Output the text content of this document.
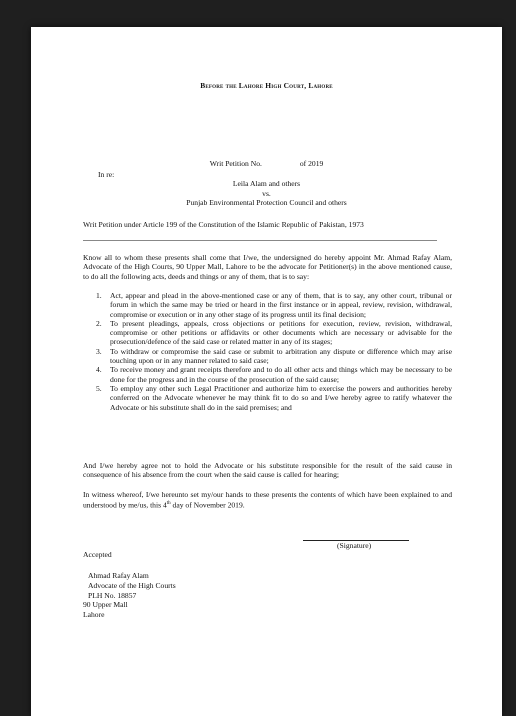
Before the Lahore High Court, Lahore
Writ Petition No.                    of 2019
In re:
Leila Alam and others
vs.
Punjab Environmental Protection Council and others
Writ Petition under Article 199 of the Constitution of the Islamic Republic of Pakistan, 1973
Know all to whom these presents shall come that I/we, the undersigned do hereby appoint Mr. Ahmad Rafay Alam, Advocate of the High Courts, 90 Upper Mall, Lahore to be the advocate for Petitioner(s) in the above mentioned cause, to do all the following acts, deeds and things or any of them, that is to say:
1. Act, appear and plead in the above-mentioned case or any of them, that is to say, any other court, tribunal or forum in which the same may be tried or heard in the first instance or in appeal, review, revision, withdrawal, compromise or execution or in any other stage of its progress until its final decision;
2. To present pleadings, appeals, cross objections or petitions for execution, review, revision, withdrawal, compromise or other petitions or affidavits or other documents which are necessary or advisable for the prosecution/defence of the said case or related matter in any of its stages;
3. To withdraw or compromise the said case or submit to arbitration any dispute or difference which may arise touching upon or in any manner related to said case;
4. To receive money and grant receipts therefore and to do all other acts and things which may be necessary to be done for the progress and in the course of the prosecution of the said cause;
5. To employ any other such Legal Practitioner and authorize him to exercise the powers and authorities hereby conferred on the Advocate whenever he may think fit to do so and I/we hereby agree to ratify whatever the Advocate or his substitute shall do in the said premises; and
And I/we hereby agree not to hold the Advocate or his substitute responsible for the result of the said cause in consequence of his absence from the court when the said cause is called for hearing;
In witness whereof, I/we hereunto set my/our hands to these presents the contents of which have been explained to and understood by me/us, this 4th day of November 2019.
(Signature)
Accepted
Ahmad Rafay Alam
Advocate of the High Courts
PLH No. 18857
90 Upper Mall
Lahore
